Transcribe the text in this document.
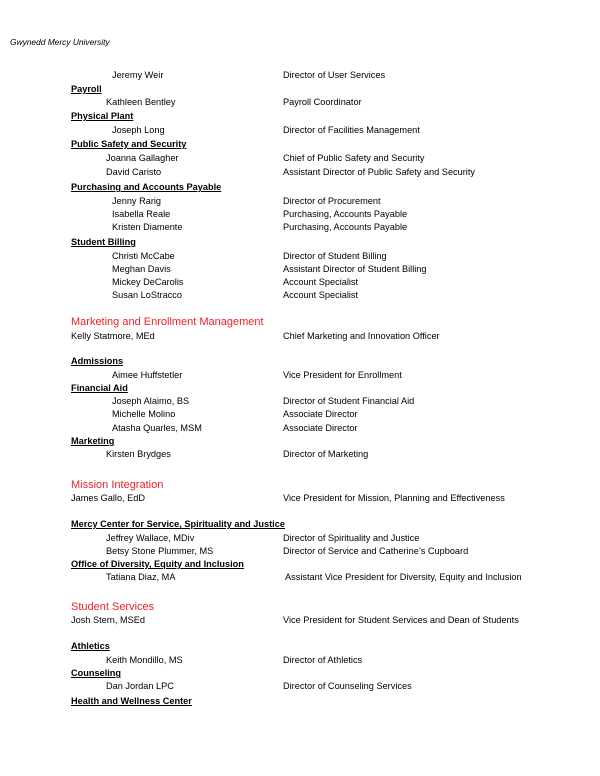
Gwynedd Mercy University
Jeremy Weir	Director of User Services
Payroll
Kathleen Bentley	Payroll Coordinator
Physical Plant
Joseph Long	Director of Facilities Management
Public Safety and Security
Joanna Gallagher	Chief of Public Safety and Security
David Caristo	Assistant Director of Public Safety and Security
Purchasing and Accounts Payable
Jenny Rarig	Director of Procurement
Isabella Reale	Purchasing, Accounts Payable
Kristen Diamente	Purchasing, Accounts Payable
Student Billing
Christi McCabe	Director of Student Billing
Meghan Davis	Assistant Director of Student Billing
Mickey DeCarolis	Account Specialist
Susan LoStracco	Account Specialist
Marketing and Enrollment Management
Kelly Statmore, MEd	Chief Marketing and Innovation Officer
Admissions
Aimee Huffstetler	Vice President for Enrollment
Financial Aid
Joseph Alaimo, BS	Director of Student Financial Aid
Michelle Molino	Associate Director
Atasha Quarles, MSM	Associate Director
Marketing
Kirsten Brydges	Director of Marketing
Mission Integration
James Gallo, EdD	Vice President for Mission, Planning and Effectiveness
Mercy Center for Service, Spirituality and Justice
Jeffrey Wallace, MDiv	Director of Spirituality and Justice
Betsy Stone Plummer, MS	Director of Service and Catherine’s Cupboard
Office of Diversity, Equity and Inclusion
Tatiana Diaz, MA	Assistant Vice President for Diversity, Equity and Inclusion
Student Services
Josh Stern, MSEd	Vice President for Student Services and Dean of Students
Athletics
Keith Mondillo, MS	Director of Athletics
Counseling
Dan Jordan LPC	Director of Counseling Services
Health and Wellness Center
